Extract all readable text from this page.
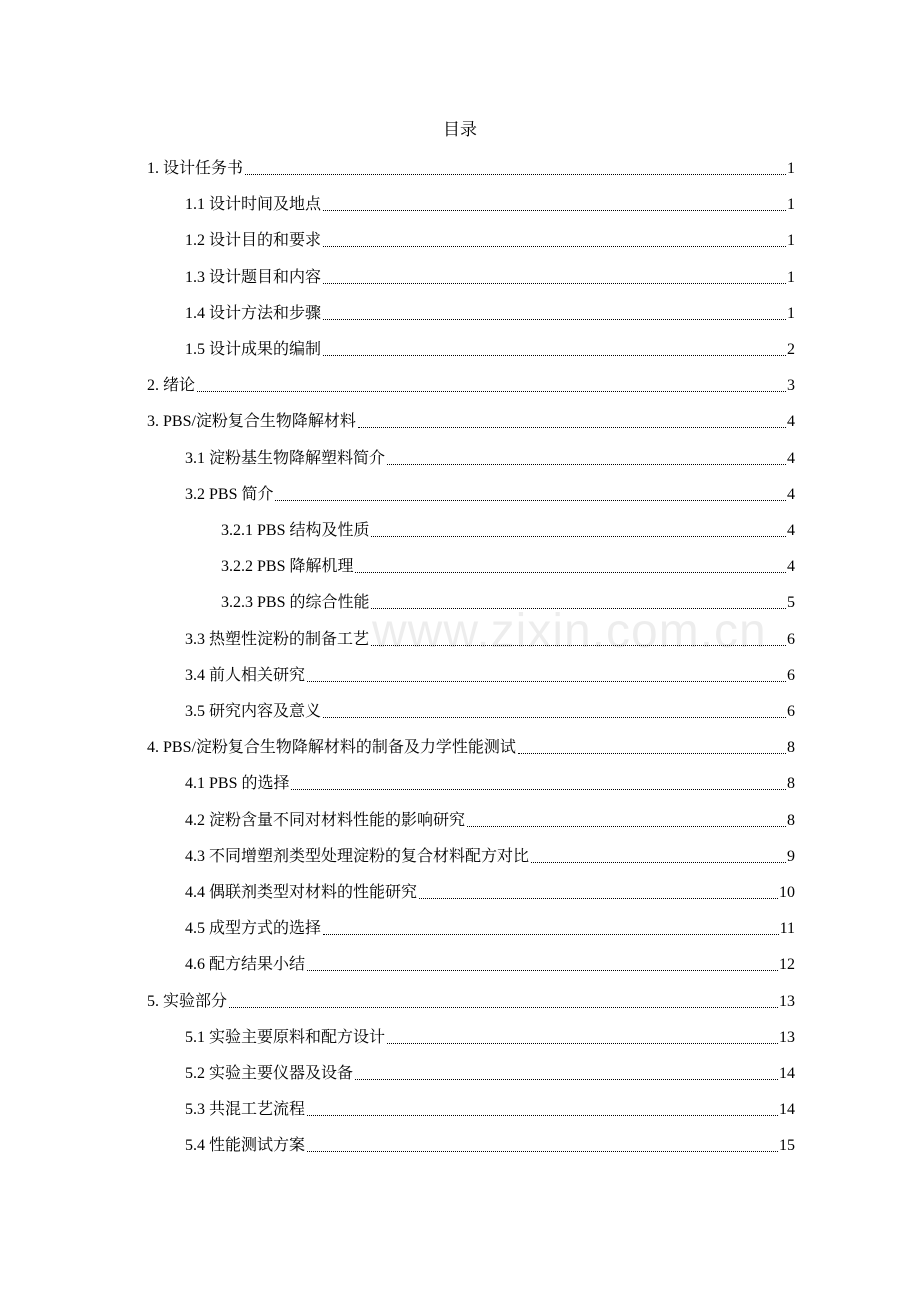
目录
1. 设计任务书	1
1.1 设计时间及地点	1
1.2 设计目的和要求	1
1.3 设计题目和内容	1
1.4 设计方法和步骤	1
1.5 设计成果的编制	2
2. 绪论	3
3. PBS/淀粉复合生物降解材料	4
3.1 淀粉基生物降解塑料简介	4
3.2 PBS 简介	4
3.2.1 PBS 结构及性质	4
3.2.2 PBS 降解机理	4
3.2.3 PBS 的综合性能	5
3.3 热塑性淀粉的制备工艺	6
3.4 前人相关研究	6
3.5 研究内容及意义	6
4. PBS/淀粉复合生物降解材料的制备及力学性能测试	8
4.1 PBS 的选择	8
4.2 淀粉含量不同对材料性能的影响研究	8
4.3 不同增塑剂类型处理淀粉的复合材料配方对比	9
4.4 偶联剂类型对材料的性能研究	10
4.5 成型方式的选择	11
4.6 配方结果小结	12
5. 实验部分	13
5.1 实验主要原料和配方设计	13
5.2 实验主要仪器及设备	14
5.3 共混工艺流程	14
5.4 性能测试方案	15
www.zixin.com.cn
